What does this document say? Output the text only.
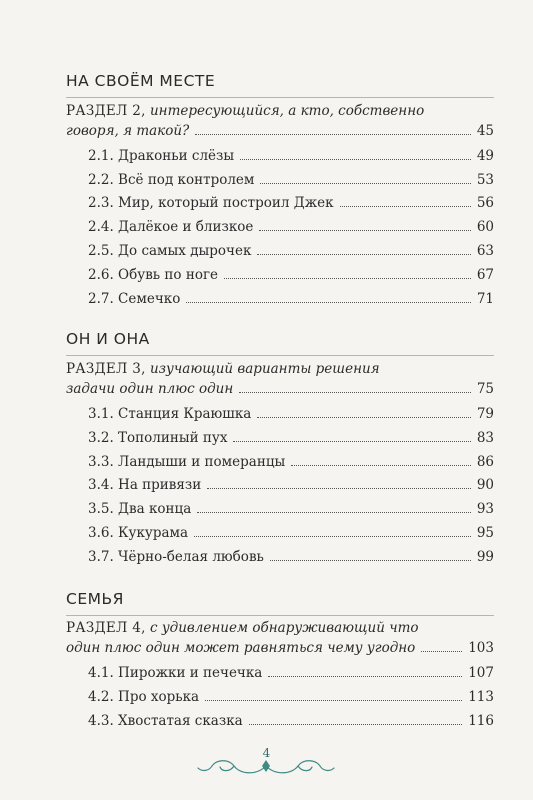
НА СВОЁМ МЕСТЕ
РАЗДЕЛ 2, интересующийся, а кто, собственно
говоря, я такой?	45
2.1. Драконьи слёзы	49
2.2. Всё под контролем	53
2.3. Мир, который построил Джек	56
2.4. Далёкое и близкое	60
2.5. До самых дырочек	63
2.6. Обувь по ноге	67
2.7. Семечко	71
ОН И ОНА
РАЗДЕЛ 3, изучающий варианты решения
задачи один плюс один	75
3.1. Станция Краюшка	79
3.2. Тополиный пух	83
3.3. Ландыши и померанцы	86
3.4. На привязи	90
3.5. Два конца	93
3.6. Кукурама	95
3.7. Чёрно-белая любовь	99
СЕМЬЯ
РАЗДЕЛ 4, с удивлением обнаруживающий что
один плюс один может равняться чему угодно	103
4.1. Пирожки и печечка	107
4.2. Про хорька	113
4.3. Хвостатая сказка	116
4
